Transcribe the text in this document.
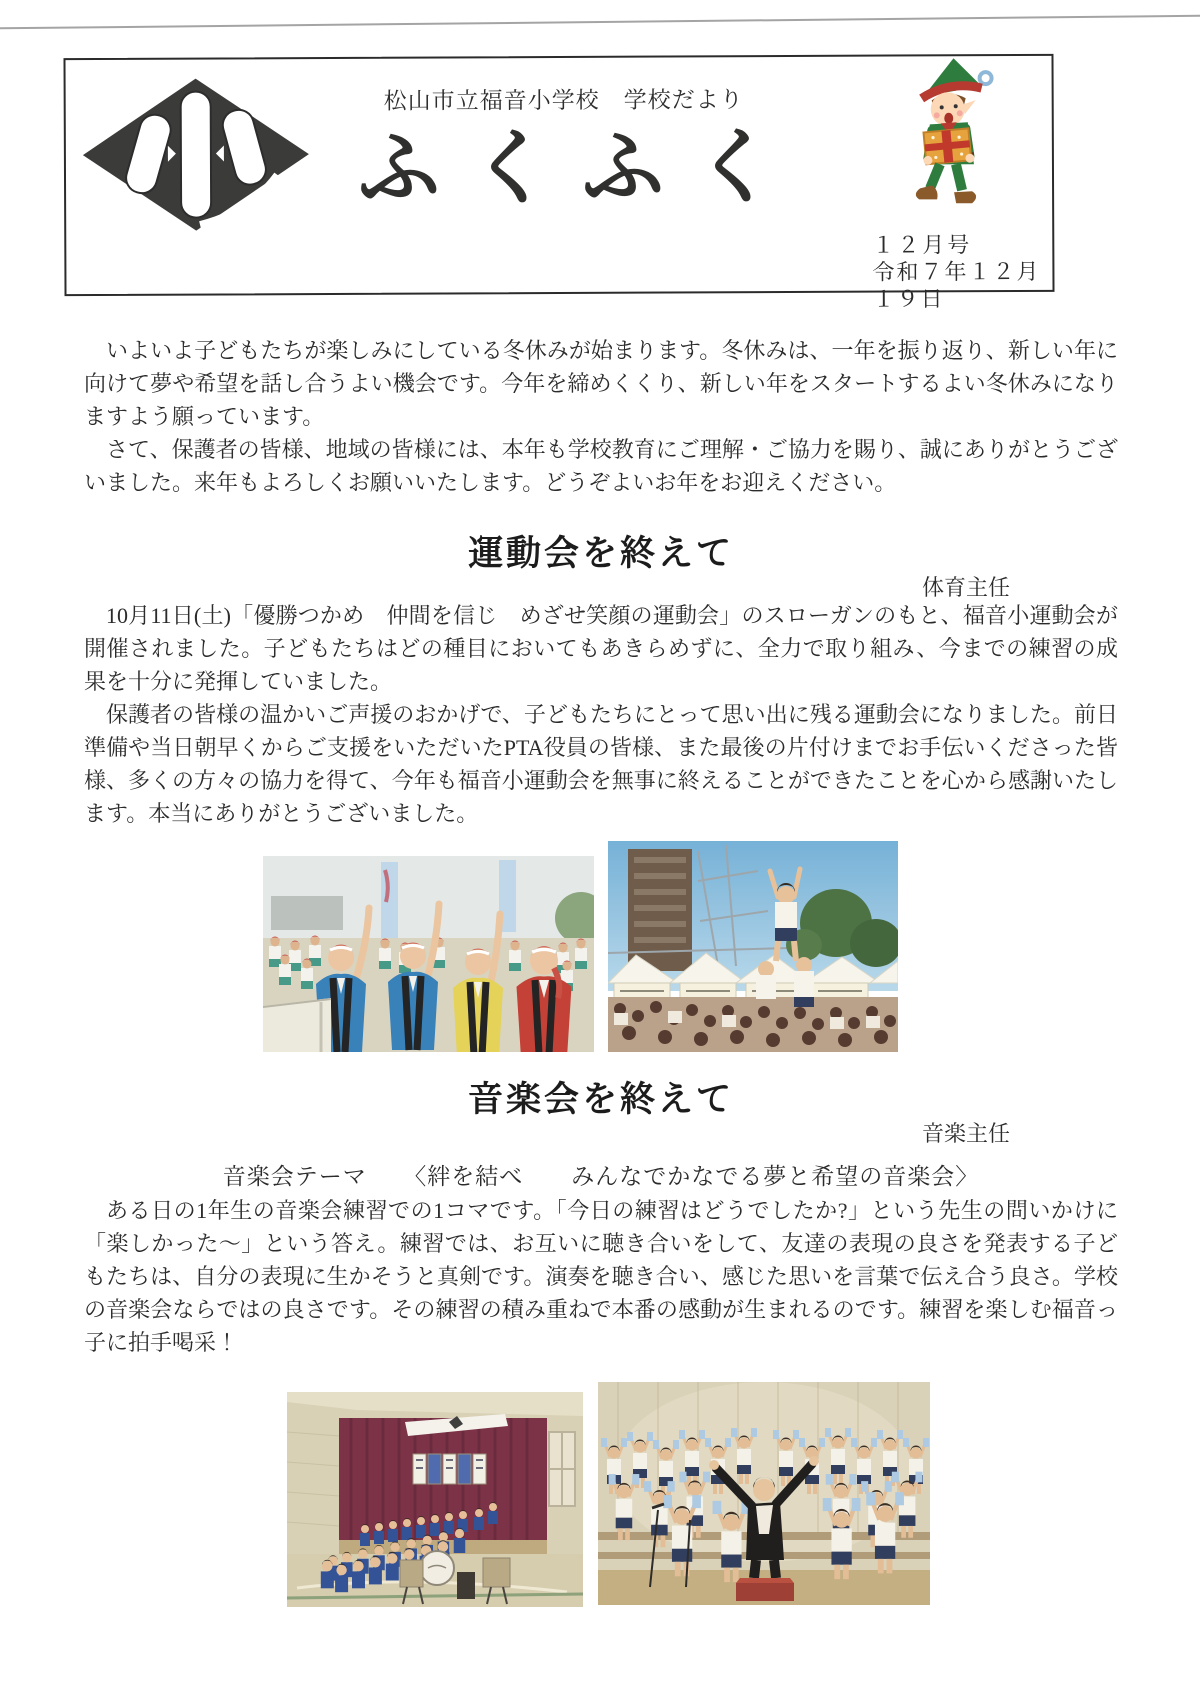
松山市立福音小学校　学校だより
ふくふく
１２月号
令和７年１２月１９日

いよいよ子どもたちが楽しみにしている冬休みが始まります。冬休みは、一年を振り返り、新しい年に向けて夢や希望を話し合うよい機会です。今年を締めくくり、新しい年をスタートするよい冬休みになりますよう願っています。

さて、保護者の皆様、地域の皆様には、本年も学校教育にご理解・ご協力を賜り、誠にありがとうございました。来年もよろしくお願いいたします。どうぞよいお年をお迎えください。

運動会を終えて
体育主任

10月11日(土)「優勝つかめ　仲間を信じ　めざせ笑顔の運動会」のスローガンのもと、福音小運動会が開催されました。子どもたちはどの種目においてもあきらめずに、全力で取り組み、今までの練習の成果を十分に発揮していました。

保護者の皆様の温かいご声援のおかげで、子どもたちにとって思い出に残る運動会になりました。前日準備や当日朝早くからご支援をいただいたPTA役員の皆様、また最後の片付けまでお手伝いくださった皆様、多くの方々の協力を得て、今年も福音小運動会を無事に終えることができたことを心から感謝いたします。本当にありがとうございました。

音楽会を終えて
音楽主任
音楽会テーマ　　〈絆を結べ　　みんなでかなでる夢と希望の音楽会〉

ある日の1年生の音楽会練習での1コマです。「今日の練習はどうでしたか?」という先生の問いかけに「楽しかった～」という答え。練習では、お互いに聴き合いをして、友達の表現の良さを発表する子どもたちは、自分の表現に生かそうと真剣です。演奏を聴き合い、感じた思いを言葉で伝え合う良さ。学校の音楽会ならではの良さです。その練習の積み重ねで本番の感動が生まれるのです。練習を楽しむ福音っ子に拍手喝采！
